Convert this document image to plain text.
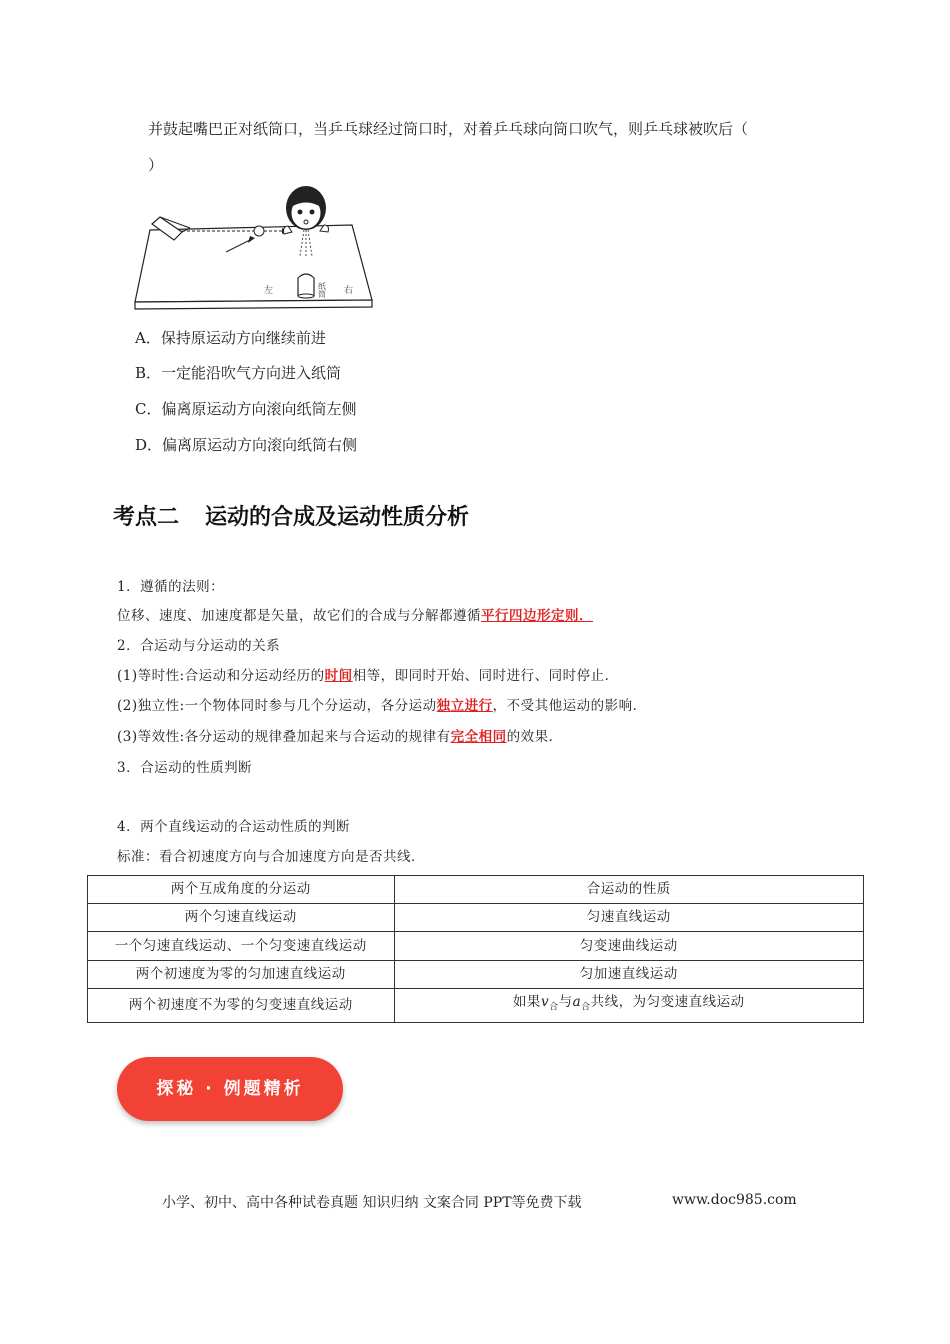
并鼓起嘴巴正对纸筒口，当乒乓球经过筒口时，对着乒乓球向筒口吹气，则乒乓球被吹后（
）
左	右
纸筒
A．保持原运动方向继续前进
B．一定能沿吹气方向进入纸筒
C．偏离原运动方向滚向纸筒左侧
D．偏离原运动方向滚向纸筒右侧
考点二 运动的合成及运动性质分析
1．遵循的法则：
位移、速度、加速度都是矢量，故它们的合成与分解都遵循平行四边形定则．
2．合运动与分运动的关系
(1)等时性:合运动和分运动经历的时间相等，即同时开始、同时进行、同时停止．
(2)独立性:一个物体同时参与几个分运动，各分运动独立进行，不受其他运动的影响．
(3)等效性:各分运动的规律叠加起来与合运动的规律有完全相同的效果．
3．合运动的性质判断
4．两个直线运动的合运动性质的判断
标准：看合初速度方向与合加速度方向是否共线．
两个互成角度的分运动	合运动的性质
两个匀速直线运动	匀速直线运动
一个匀速直线运动、一个匀变速直线运动	匀变速曲线运动
两个初速度为零的匀加速直线运动	匀加速直线运动
两个初速度不为零的匀变速直线运动	如果$v_合$与$a_合$共线，为匀变速直线运动
探秘 · 例题精析
小学、初中、高中各种试卷真题 知识归纳 文案合同 PPT等免费下载	www.doc985.com
